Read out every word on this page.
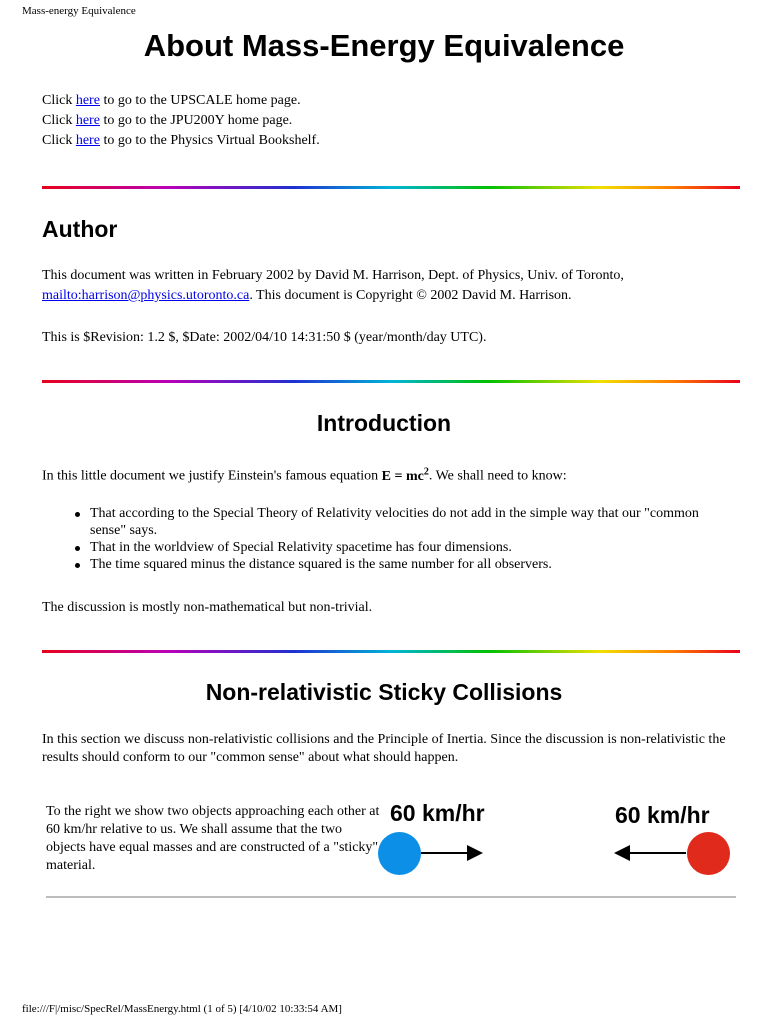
Mass-energy Equivalence
About Mass-Energy Equivalence
Click here to go to the UPSCALE home page.
Click here to go to the JPU200Y home page.
Click here to go to the Physics Virtual Bookshelf.
Author
This document was written in February 2002 by David M. Harrison, Dept. of Physics, Univ. of Toronto,
mailto:harrison@physics.utoronto.ca. This document is Copyright © 2002 David M. Harrison.
This is $Revision: 1.2 $, $Date: 2002/04/10 14:31:50 $ (year/month/day UTC).
Introduction
In this little document we justify Einstein's famous equation $E = mc^2$. We shall need to know:
That according to the Special Theory of Relativity velocities do not add in the simple way that our "common sense" says.
That in the worldview of Special Relativity spacetime has four dimensions.
The time squared minus the distance squared is the same number for all observers.
The discussion is mostly non-mathematical but non-trivial.
Non-relativistic Sticky Collisions
In this section we discuss non-relativistic collisions and the Principle of Inertia. Since the discussion is non-relativistic the results should conform to our "common sense" about what should happen.
To the right we show two objects approaching each other at 60 km/hr relative to us. We shall assume that the two objects have equal masses and are constructed of a "sticky" material.
60 km/hr	60 km/hr
file:///F|/misc/SpecRel/MassEnergy.html (1 of 5) [4/10/02 10:33:54 AM]
